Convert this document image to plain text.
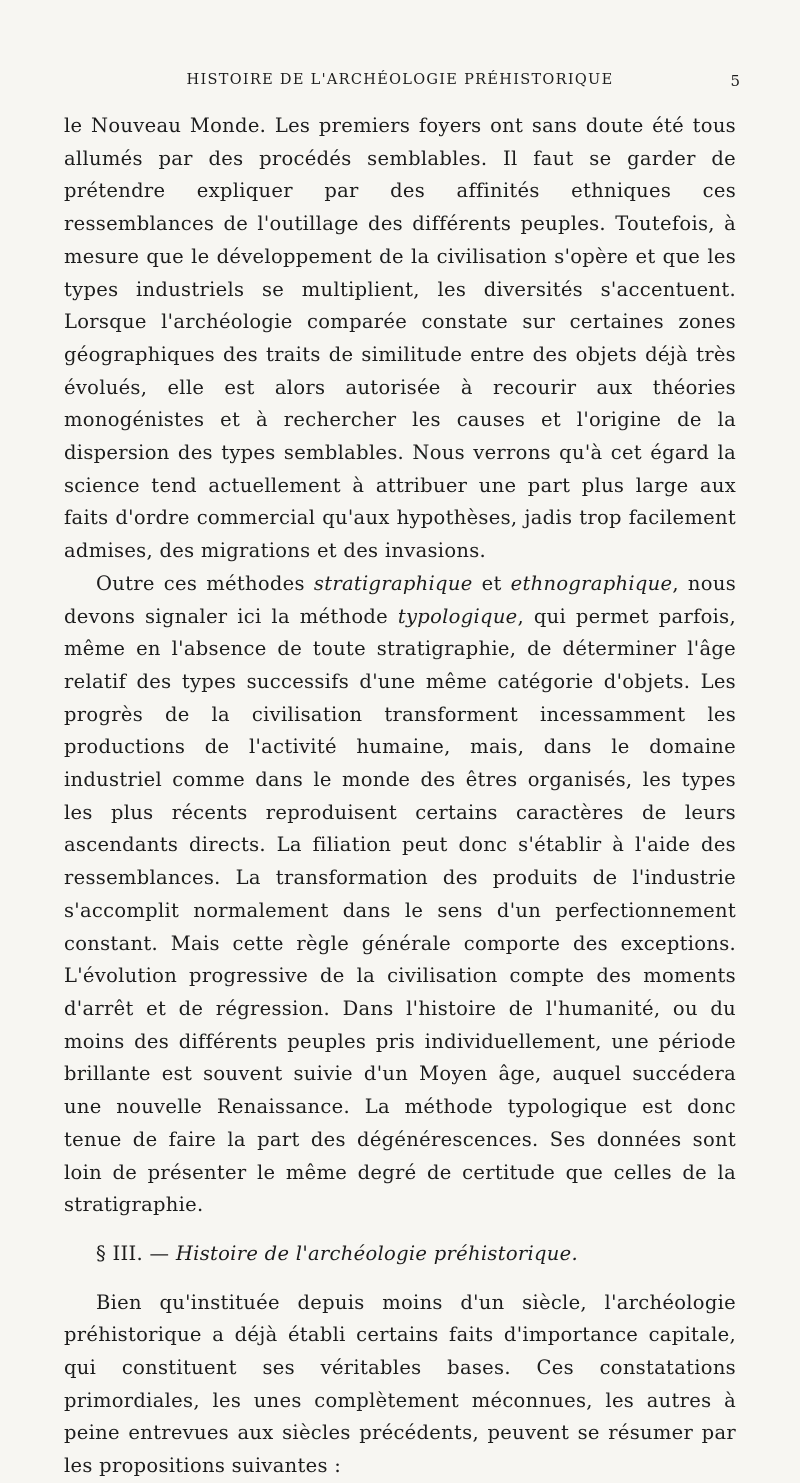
HISTOIRE DE L'ARCHÉOLOGIE PRÉHISTORIQUE	5

le Nouveau Monde. Les premiers foyers ont sans doute été tous allumés par des procédés semblables. Il faut se garder de prétendre expliquer par des affinités ethniques ces ressemblances de l'outillage des différents peuples. Toutefois, à mesure que le développement de la civilisation s'opère et que les types industriels se multiplient, les diversités s'accentuent. Lorsque l'archéologie comparée constate sur certaines zones géographiques des traits de similitude entre des objets déjà très évolués, elle est alors autorisée à recourir aux théories monogénistes et à rechercher les causes et l'origine de la dispersion des types semblables. Nous verrons qu'à cet égard la science tend actuellement à attribuer une part plus large aux faits d'ordre commercial qu'aux hypothèses, jadis trop facilement admises, des migrations et des invasions.

Outre ces méthodes stratigraphique et ethnographique, nous devons signaler ici la méthode typologique, qui permet parfois, même en l'absence de toute stratigraphie, de déterminer l'âge relatif des types successifs d'une même catégorie d'objets. Les progrès de la civilisation transforment incessamment les productions de l'activité humaine, mais, dans le domaine industriel comme dans le monde des êtres organisés, les types les plus récents reproduisent certains caractères de leurs ascendants directs. La filiation peut donc s'établir à l'aide des ressemblances. La transformation des produits de l'industrie s'accomplit normalement dans le sens d'un perfectionnement constant. Mais cette règle générale comporte des exceptions. L'évolution progressive de la civilisation compte des moments d'arrêt et de régression. Dans l'histoire de l'humanité, ou du moins des différents peuples pris individuellement, une période brillante est souvent suivie d'un Moyen âge, auquel succédera une nouvelle Renaissance. La méthode typologique est donc tenue de faire la part des dégénérescences. Ses données sont loin de présenter le même degré de certitude que celles de la stratigraphie.

§ III. — Histoire de l'archéologie préhistorique.

Bien qu'instituée depuis moins d'un siècle, l'archéologie préhistorique a déjà établi certains faits d'importance capitale, qui constituent ses véritables bases. Ces constatations primordiales, les unes complètement méconnues, les autres à peine entrevues aux siècles précédents, peuvent se résumer par les propositions suivantes :
